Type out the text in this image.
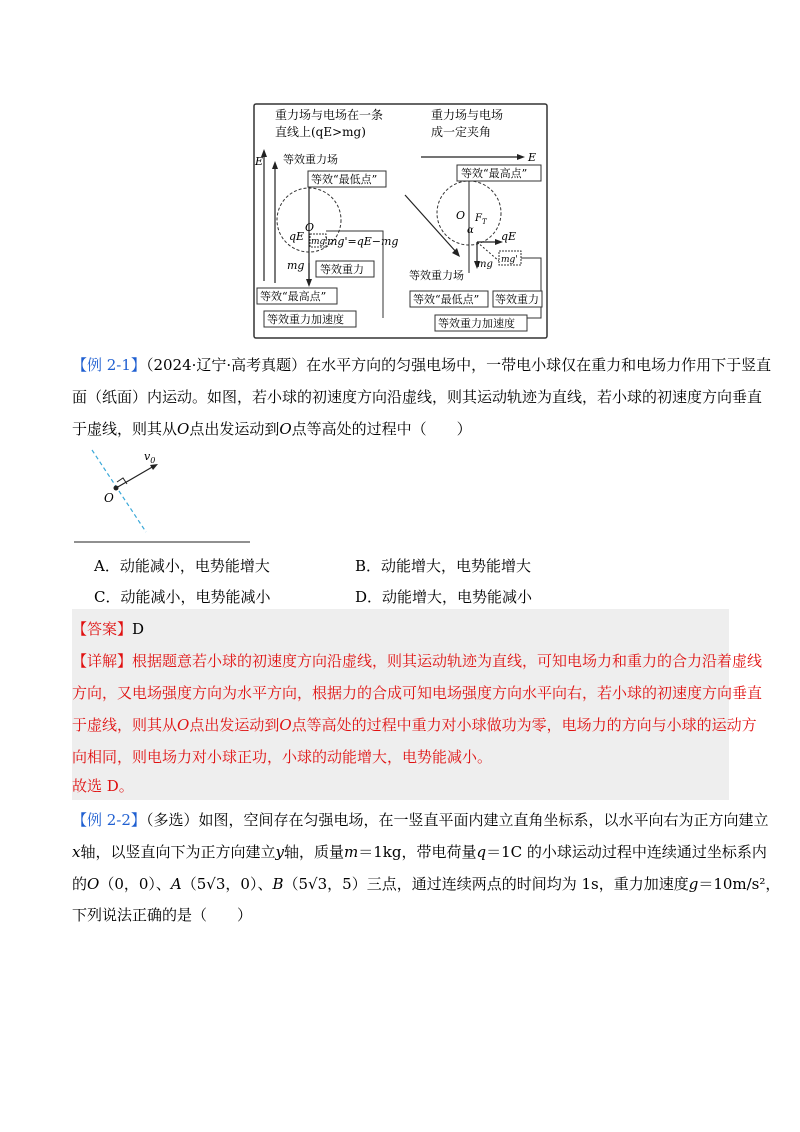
重力场与电场在一条
直线上(qE>mg)
重力场与电场
成一定夹角
E 等效重力场
等效“最低点”
O
qE mg' mg'=qE−mg
mg 等效重力
等效“最高点”
等效重力加速度
E
等效“最高点”
O $F_T$
α qE
mg mg'
等效重力场
等效“最低点” 等效重力
等效重力加速度
【例 2-1】（2024·辽宁·高考真题）在水平方向的匀强电场中，一带电小球仅在重力和电场力作用下于竖直
面（纸面）内运动。如图，若小球的初速度方向沿虚线，则其运动轨迹为直线，若小球的初速度方向垂直
于虚线，则其从O点出发运动到O点等高处的过程中（　　）
$v_0$
O
A．动能减小，电势能增大	B．动能增大，电势能增大
C．动能减小，电势能减小	D．动能增大，电势能减小
【答案】D
【详解】根据题意若小球的初速度方向沿虚线，则其运动轨迹为直线，可知电场力和重力的合力沿着虚线
方向，又电场强度方向为水平方向，根据力的合成可知电场强度方向水平向右，若小球的初速度方向垂直
于虚线，则其从O点出发运动到O点等高处的过程中重力对小球做功为零，电场力的方向与小球的运动方
向相同，则电场力对小球正功，小球的动能增大，电势能减小。
故选 D。
【例 2-2】（多选）如图，空间存在匀强电场，在一竖直平面内建立直角坐标系，以水平向右为正方向建立
x轴，以竖直向下为正方向建立y轴，质量m＝1kg，带电荷量q＝1C 的小球运动过程中连续通过坐标系内
的O（0，0）、A（5√3，0）、B（5√3，5）三点，通过连续两点的时间均为 1s，重力加速度g＝10m/s²，
下列说法正确的是（　　）
